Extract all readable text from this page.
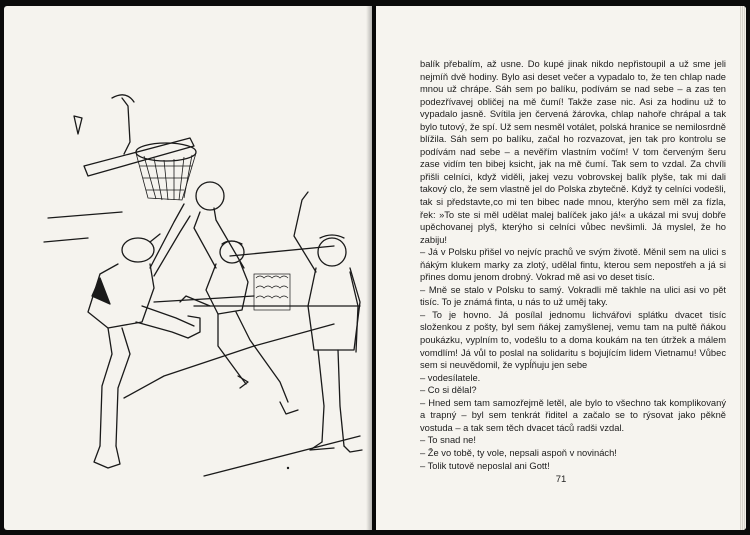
balík přebalím, až usne. Do kupé jinak nikdo nepřistoupil a už sme jeli nejmíň dvě hodiny. Bylo asi deset večer a vypadalo to, že ten chlap nade mnou už chrápe. Sáh sem po balíku, podívám se nad sebe – a zas ten podezřívavej obličej na mě čumí! Takže zase nic. Asi za hodinu už to vypadalo jasně. Svítila jen červená žárovka, chlap nahoře chrápal a tak bylo tutový, že spí. Už sem nesměl votálet, polská hranice se nemilosrdně blížila. Sáh sem po balíku, začal ho rozvazovat, jen tak pro kontrolu se podívám nad sebe – a nevěřím vlastním vočím! V tom červeným šeru zase vidím ten bibej ksicht, jak na mě čumí. Tak sem to vzdal. Za chvíli přišli celníci, když viděli, jakej vezu vobrovskej balík plyše, tak mi dali takový clo, že sem vlastně jel do Polska zbytečně. Když ty celníci vodešli, tak si představte,co mi ten bibec nade mnou, kterýho sem měl za fízla, řek: »To ste si měl udělat malej balíček jako já!« a ukázal mi svuj dobře upěchovanej plyš, kterýho si celníci vůbec nevšimli. Já myslel, že ho zabiju!

– Já v Polsku přišel vo nejvíc prachů ve svým životě. Měnil sem na ulici s ňákým klukem marky za zlotý, udělal fintu, kterou sem nepostřeh a já si přines domu jenom drobný. Vokrad mě asi vo deset tisíc.

– Mně se stalo v Polsku to samý. Vokradli mě takhle na ulici asi vo pět tisíc. To je známá finta, u nás to už uměj taky.

– To je hovno. Já posílal jednomu lichvářovi splátku dvacet tisíc složenkou z pošty, byl sem ňákej zamyšlenej, vemu tam na pultě ňákou poukázku, vyplním to, vodešlu to a doma koukám na ten útržek a málem vomdlím! Já vůl to poslal na solidaritu s bojujícím lidem Vietnamu! Vůbec sem si neuvědomil, že vypĺňuju jen sebe

– vodesílatele.

– Co si dělal?

– Hned sem tam samozřejmě letěl, ale bylo to všechno tak komplikovaný a trapný – byl sem tenkrát řiditel a začalo se to rýsovat jako pěkně vostuda – a tak sem těch dvacet táců radši vzdal.

– To snad ne!

– Že vo tobě, ty vole, nepsali aspoň v novinách!

– Tolik tutově neposlal ani Gott!

71
